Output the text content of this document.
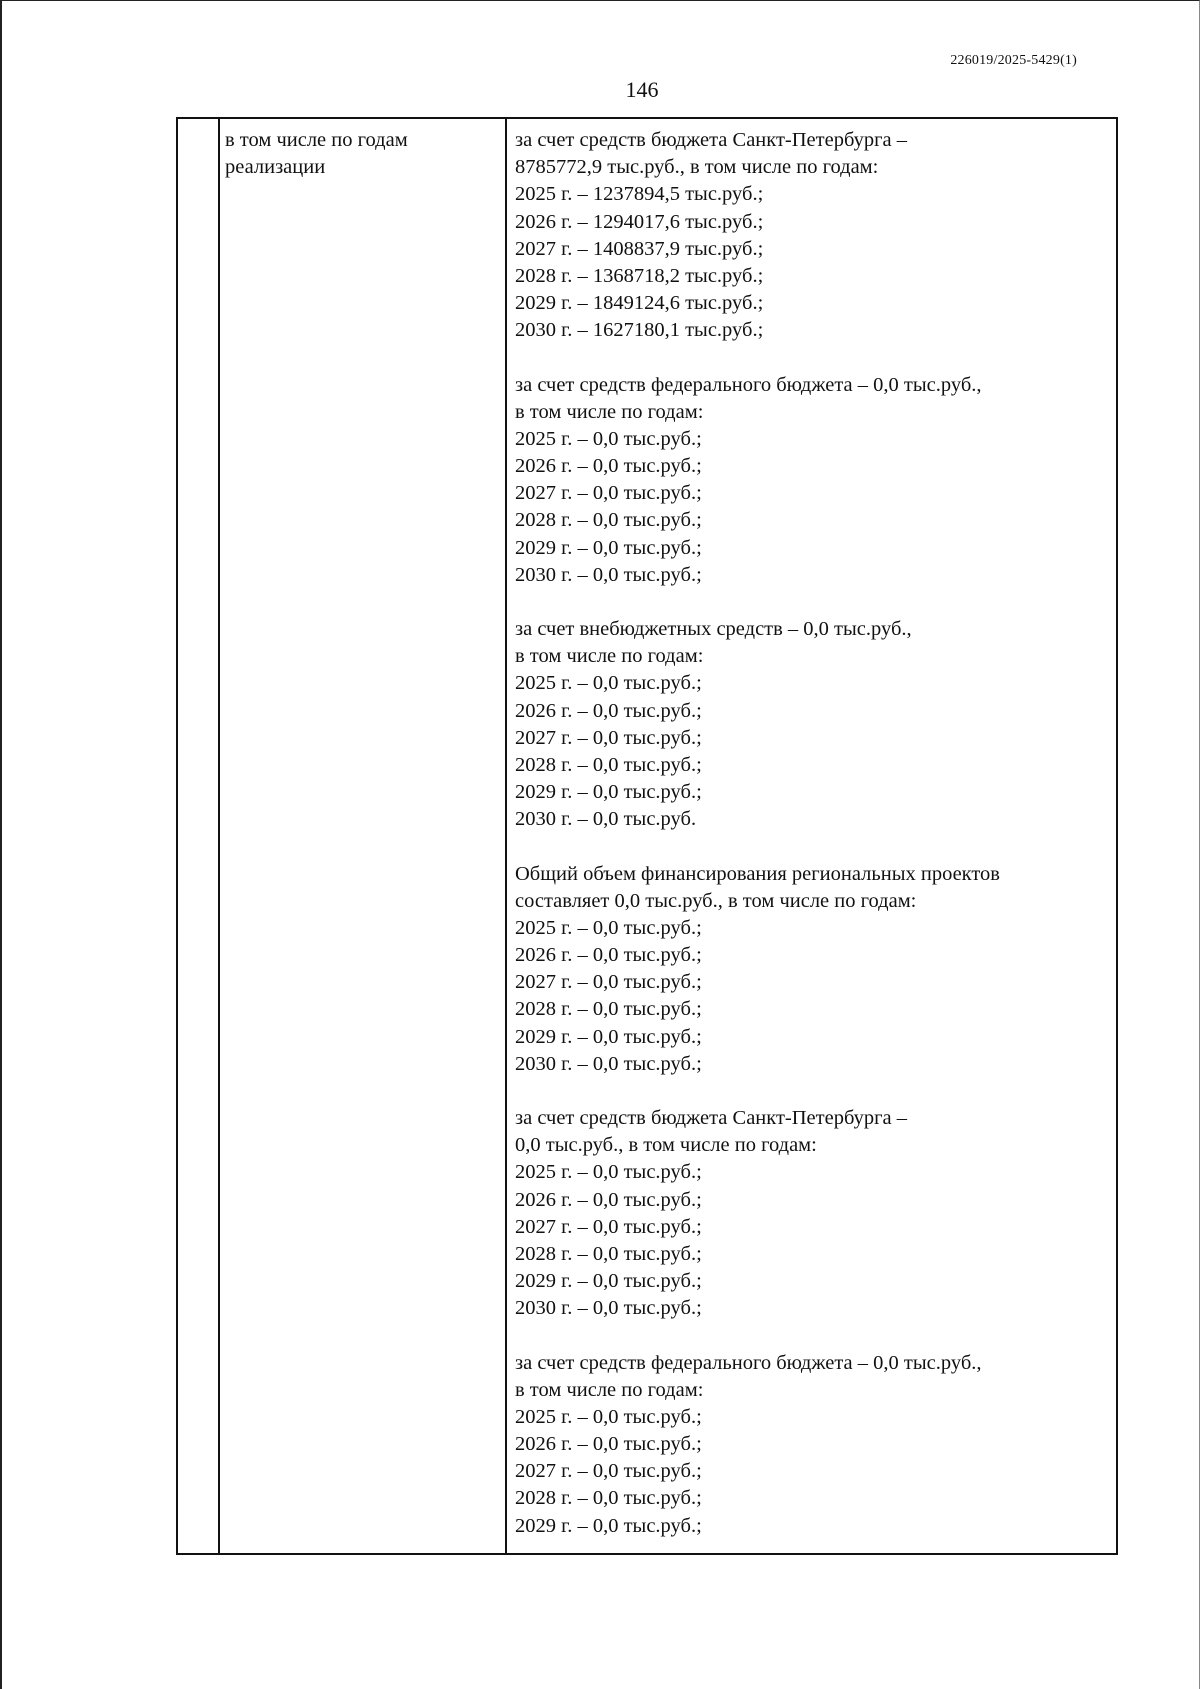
226019/2025-5429(1)
146
в том числе по годам
реализации
за счет средств бюджета Санкт-Петербурга –
8785772,9 тыс.руб., в том числе по годам:
2025 г. – 1237894,5 тыс.руб.;
2026 г. – 1294017,6 тыс.руб.;
2027 г. – 1408837,9 тыс.руб.;
2028 г. – 1368718,2 тыс.руб.;
2029 г. – 1849124,6 тыс.руб.;
2030 г. – 1627180,1 тыс.руб.;
за счет средств федерального бюджета – 0,0 тыс.руб.,
в том числе по годам:
2025 г. – 0,0 тыс.руб.;
2026 г. – 0,0 тыс.руб.;
2027 г. – 0,0 тыс.руб.;
2028 г. – 0,0 тыс.руб.;
2029 г. – 0,0 тыс.руб.;
2030 г. – 0,0 тыс.руб.;
за счет внебюджетных средств – 0,0 тыс.руб.,
в том числе по годам:
2025 г. – 0,0 тыс.руб.;
2026 г. – 0,0 тыс.руб.;
2027 г. – 0,0 тыс.руб.;
2028 г. – 0,0 тыс.руб.;
2029 г. – 0,0 тыс.руб.;
2030 г. – 0,0 тыс.руб.
Общий объем финансирования региональных проектов
составляет 0,0 тыс.руб., в том числе по годам:
2025 г. – 0,0 тыс.руб.;
2026 г. – 0,0 тыс.руб.;
2027 г. – 0,0 тыс.руб.;
2028 г. – 0,0 тыс.руб.;
2029 г. – 0,0 тыс.руб.;
2030 г. – 0,0 тыс.руб.;
за счет средств бюджета Санкт-Петербурга –
0,0 тыс.руб., в том числе по годам:
2025 г. – 0,0 тыс.руб.;
2026 г. – 0,0 тыс.руб.;
2027 г. – 0,0 тыс.руб.;
2028 г. – 0,0 тыс.руб.;
2029 г. – 0,0 тыс.руб.;
2030 г. – 0,0 тыс.руб.;
за счет средств федерального бюджета – 0,0 тыс.руб.,
в том числе по годам:
2025 г. – 0,0 тыс.руб.;
2026 г. – 0,0 тыс.руб.;
2027 г. – 0,0 тыс.руб.;
2028 г. – 0,0 тыс.руб.;
2029 г. – 0,0 тыс.руб.;
